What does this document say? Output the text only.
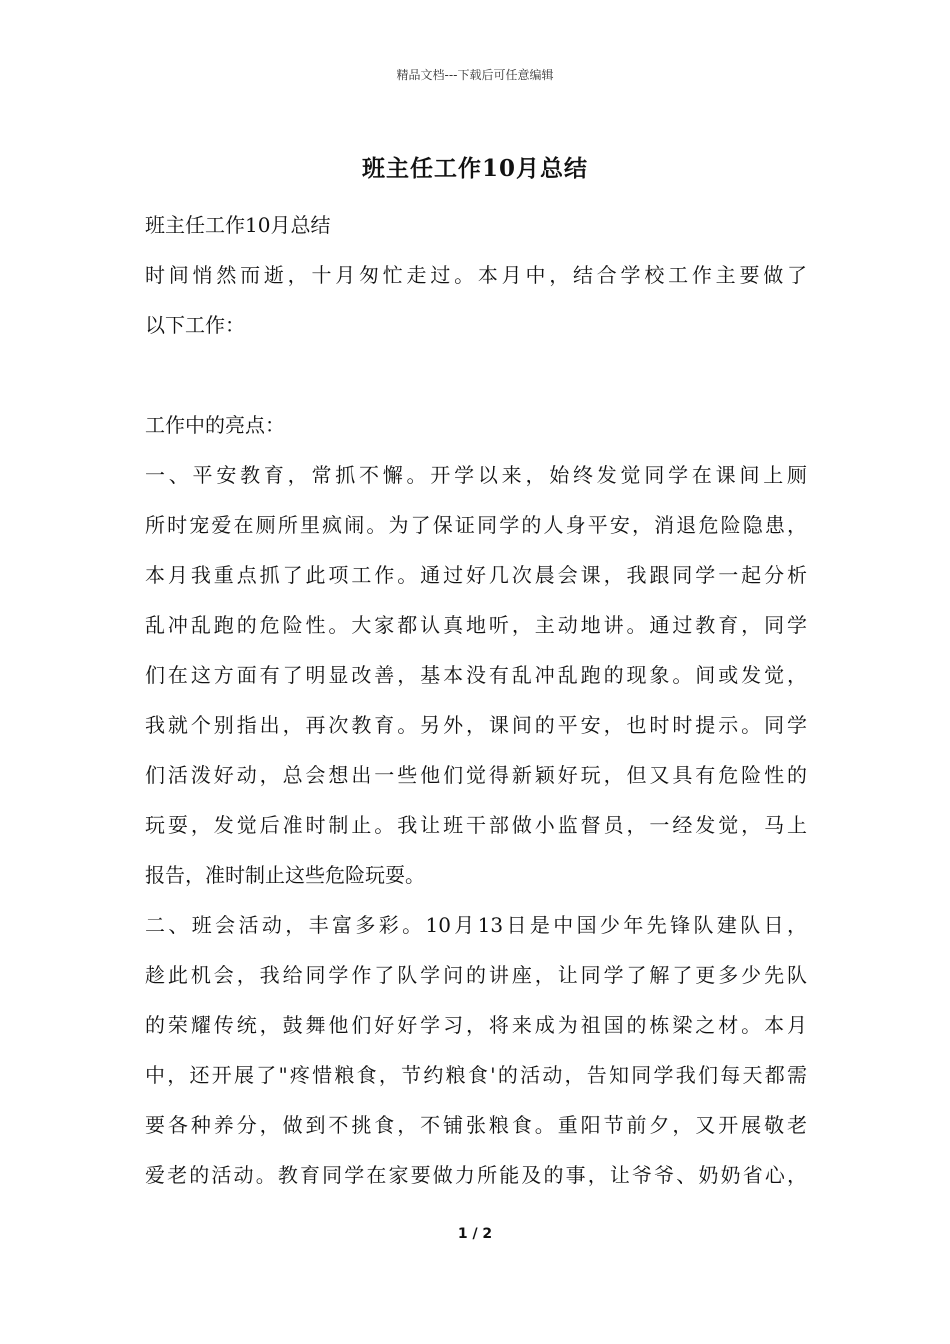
精品文档---下载后可任意编辑
班主任工作10月总结
班主任工作10月总结
时间悄然而逝，十月匆忙走过。本月中，结合学校工作主要做了
以下工作：
工作中的亮点：
一、平安教育，常抓不懈。开学以来，始终发觉同学在课间上厕
所时宠爱在厕所里疯闹。为了保证同学的人身平安，消退危险隐患，
本月我重点抓了此项工作。通过好几次晨会课，我跟同学一起分析
乱冲乱跑的危险性。大家都认真地听，主动地讲。通过教育，同学
们在这方面有了明显改善，基本没有乱冲乱跑的现象。间或发觉，
我就个别指出，再次教育。另外，课间的平安，也时时提示。同学
们活泼好动，总会想出一些他们觉得新颖好玩，但又具有危险性的
玩耍，发觉后准时制止。我让班干部做小监督员，一经发觉，马上
报告，准时制止这些危险玩耍。
二、班会活动，丰富多彩。10月13日是中国少年先锋队建队日，
趁此机会，我给同学作了队学问的讲座，让同学了解了更多少先队
的荣耀传统，鼓舞他们好好学习，将来成为祖国的栋梁之材。本月
中，还开展了"疼惜粮食，节约粮食'的活动，告知同学我们每天都需
要各种养分，做到不挑食，不铺张粮食。重阳节前夕，又开展敬老
爱老的活动。教育同学在家要做力所能及的事，让爷爷、奶奶省心，
1 / 2
